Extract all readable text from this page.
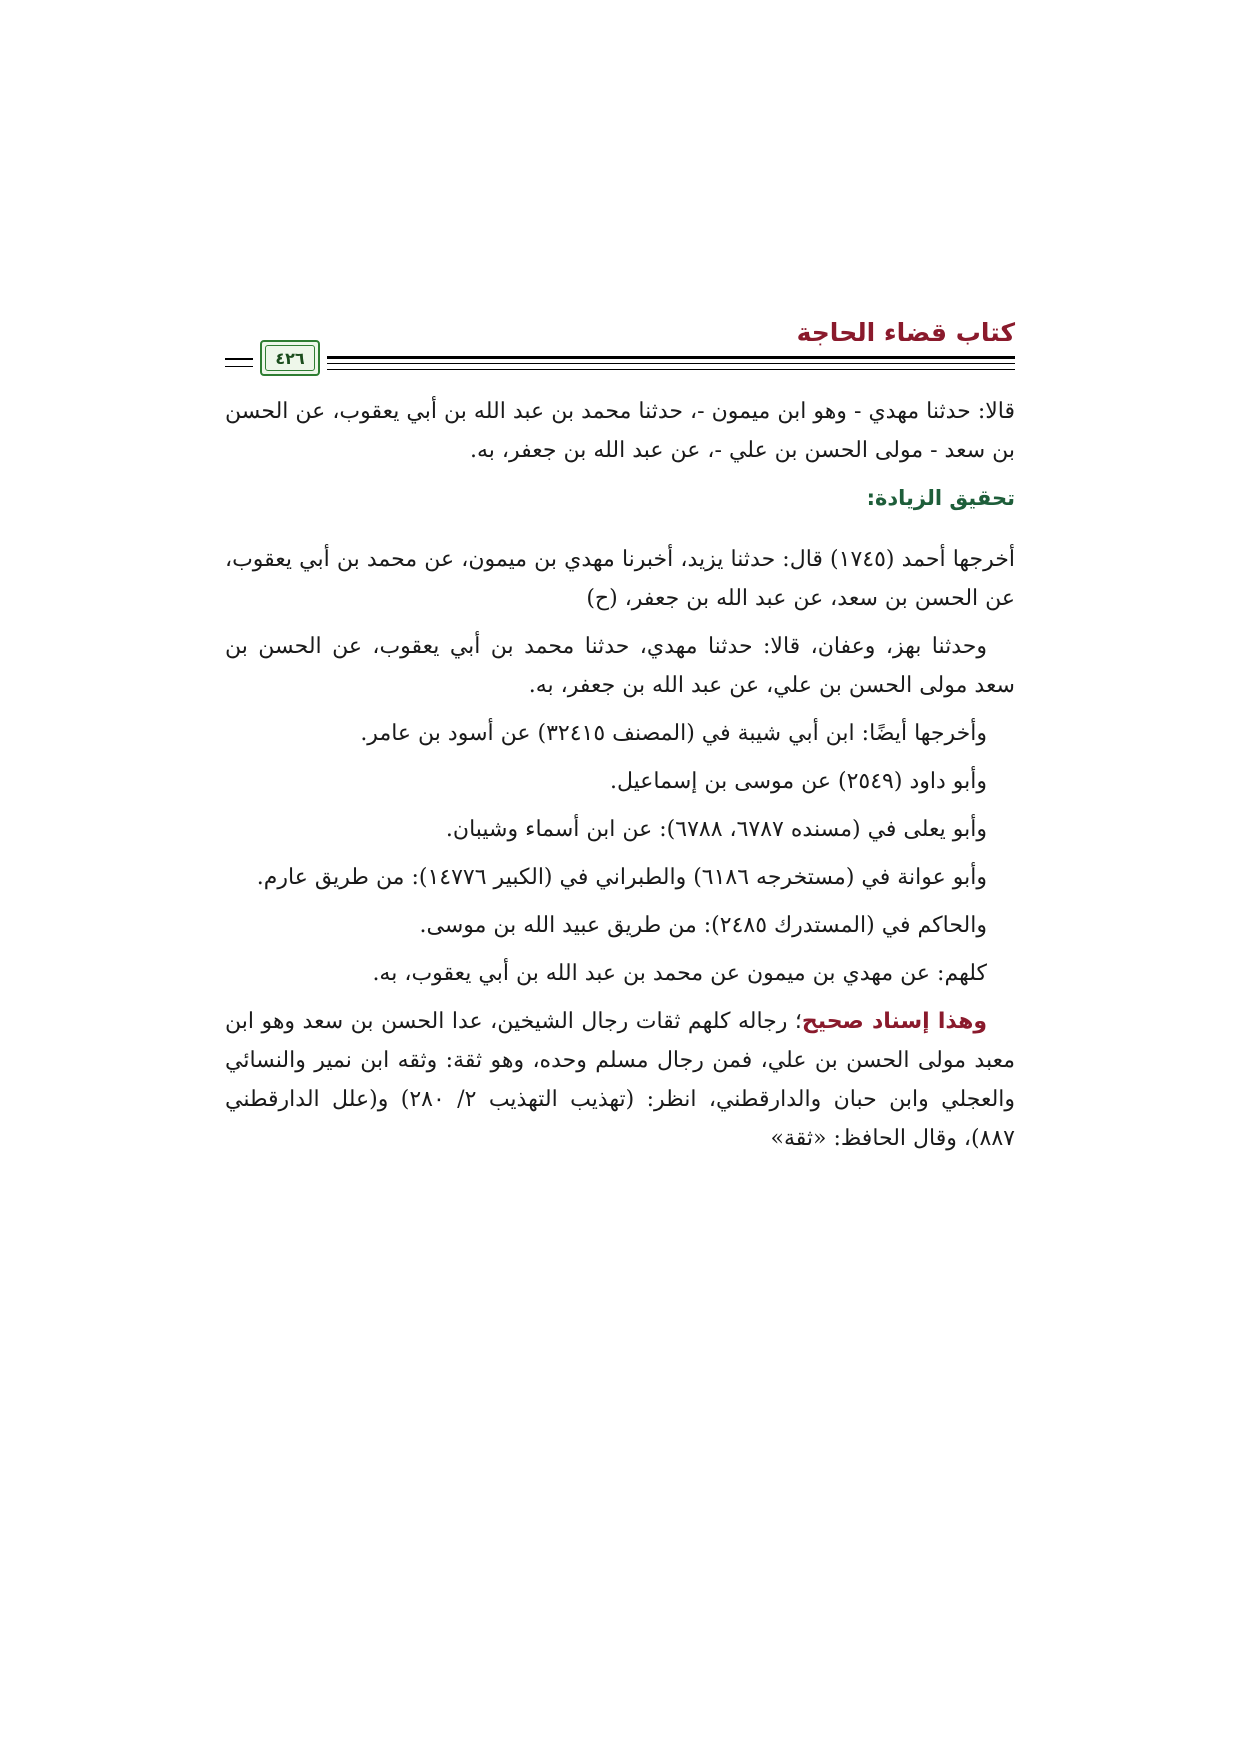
كتاب قضاء الحاجة
٤٢٦

قالا: حدثنا مهدي - وهو ابن ميمون -، حدثنا محمد بن عبد الله بن أبي يعقوب، عن الحسن بن سعد - مولى الحسن بن علي -، عن عبد الله بن جعفر، به.

تحقيق الزيادة:

أخرجها أحمد (١٧٤٥) قال: حدثنا يزيد، أخبرنا مهدي بن ميمون، عن محمد بن أبي يعقوب، عن الحسن بن سعد، عن عبد الله بن جعفر، (ح)

وحدثنا بهز، وعفان، قالا: حدثنا مهدي، حدثنا محمد بن أبي يعقوب، عن الحسن بن سعد مولى الحسن بن علي، عن عبد الله بن جعفر، به.

وأخرجها أيضًا: ابن أبي شيبة في (المصنف ٣٢٤١٥) عن أسود بن عامر.

وأبو داود (٢٥٤٩) عن موسى بن إسماعيل.

وأبو يعلى في (مسنده ٦٧٨٧، ٦٧٨٨): عن ابن أسماء وشيبان.

وأبو عوانة في (مستخرجه ٦١٨٦) والطبراني في (الكبير ١٤٧٧٦): من طريق عارم.

والحاكم في (المستدرك ٢٤٨٥): من طريق عبيد الله بن موسى.

كلهم: عن مهدي بن ميمون عن محمد بن عبد الله بن أبي يعقوب، به.

وهذا إسناد صحيح؛ رجاله كلهم ثقات رجال الشيخين، عدا الحسن بن سعد وهو ابن معبد مولى الحسن بن علي، فمن رجال مسلم وحده، وهو ثقة: وثقه ابن نمير والنسائي والعجلي وابن حبان والدارقطني، انظر: (تهذيب التهذيب ٢/ ٢٨٠) و(علل الدارقطني ٨٨٧)، وقال الحافظ: «ثقة»
